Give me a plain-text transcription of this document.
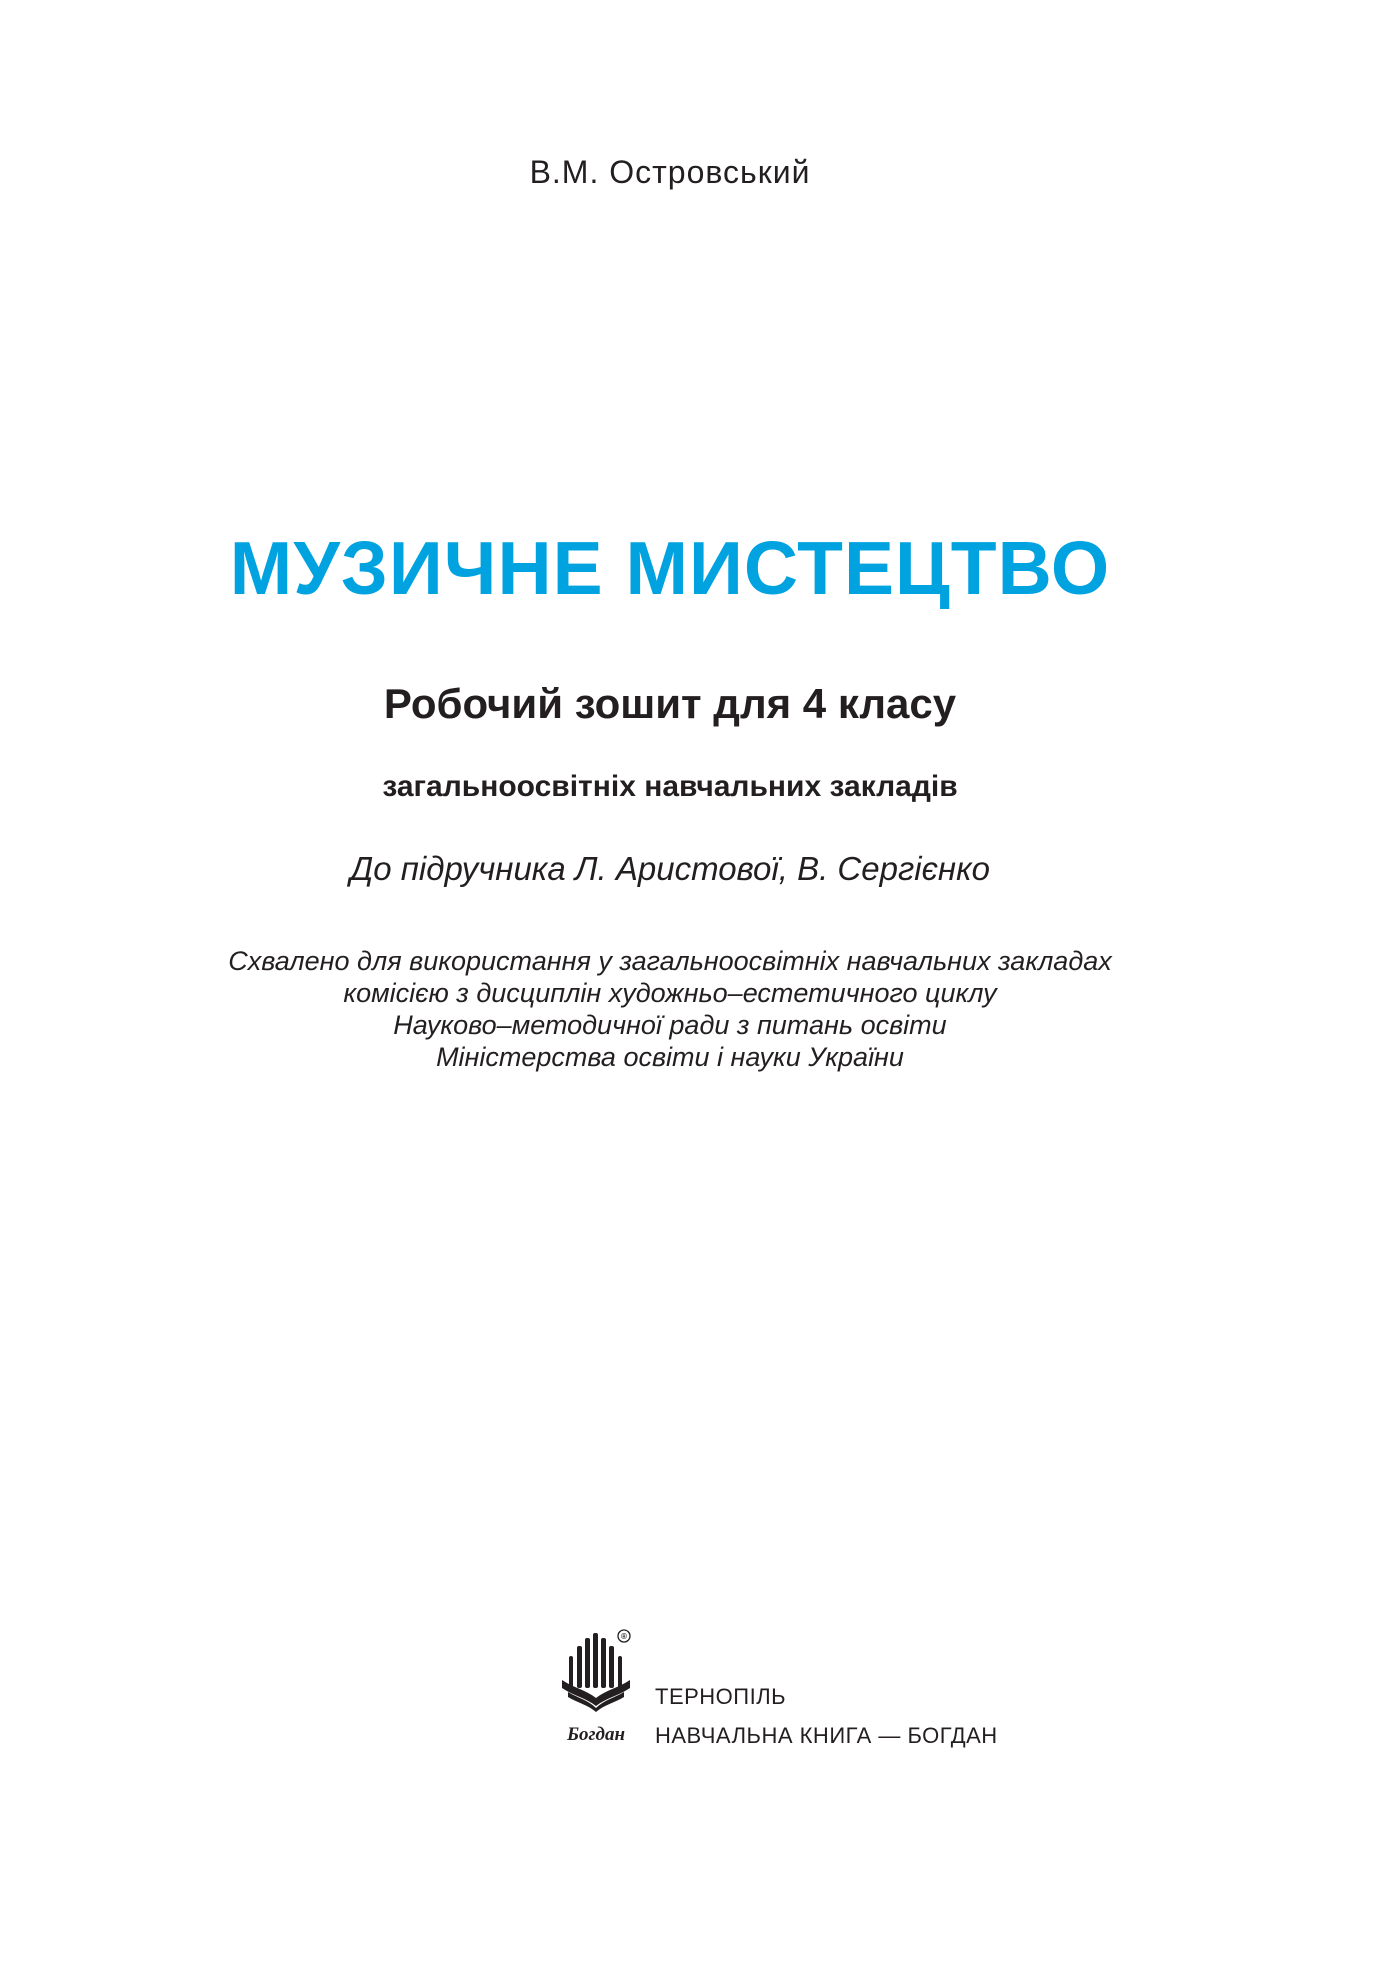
В.М. Островський
МУЗИЧНЕ МИСТЕЦТВО
Робочий зошит для 4 класу
загальноосвітніх навчальних закладів
До підручника Л. Аристової, В. Сергієнко
Схвалено для використання у загальноосвітніх навчальних закладах
комісією з дисциплін художньо–естетичного циклу
Науково–методичної ради з питань освіти
Міністерства освіти і науки України
®
Богдан
ТЕРНОПІЛЬ
НАВЧАЛЬНА КНИГА — БОГДАН
